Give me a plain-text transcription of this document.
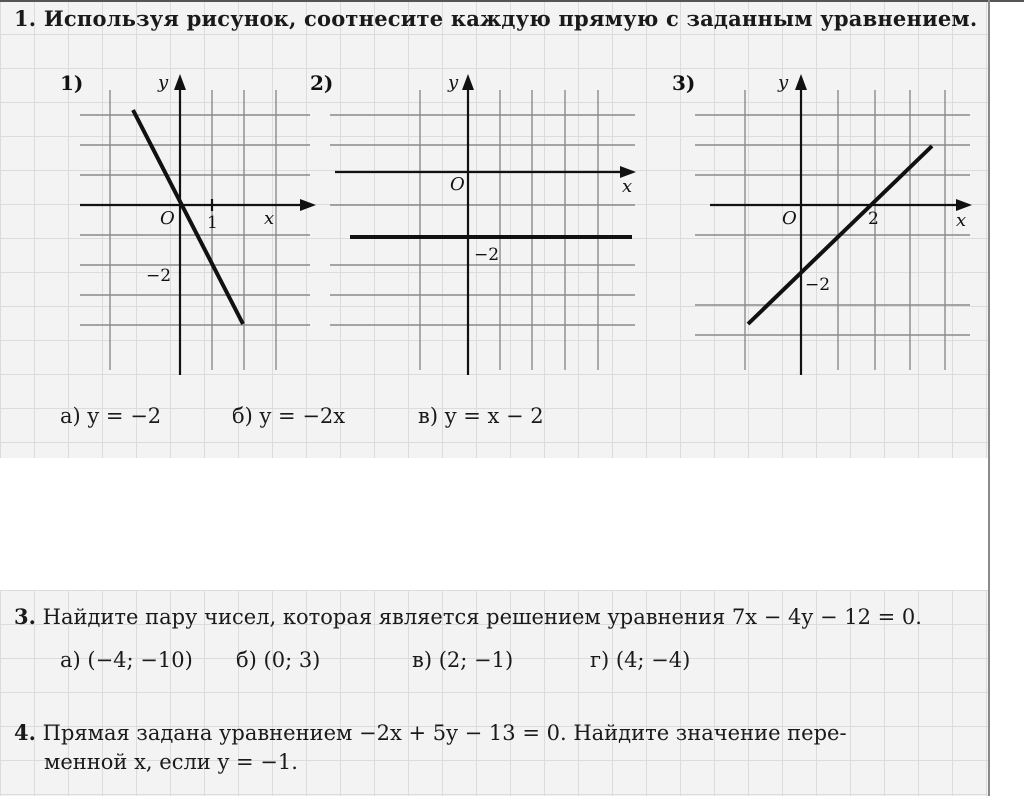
1. Используя рисунок, соотнесите каждую прямую с заданным уравнением.
1)	y
x
O 1
−2
2)	y
x
O
−2
3)	y
x
O	2
−2
а) y = −2	б) y = −2x	в) y = x − 2
3. Найдите пару чисел, которая является решением уравнения 7x − 4y − 12 = 0.
а) (−4; −10) б) (0; 3)	в) (2; −1)	г) (4; −4)
4. Прямая задана уравнением −2x + 5y − 13 = 0. Найдите значение пере-
менной x, если y = −1.
